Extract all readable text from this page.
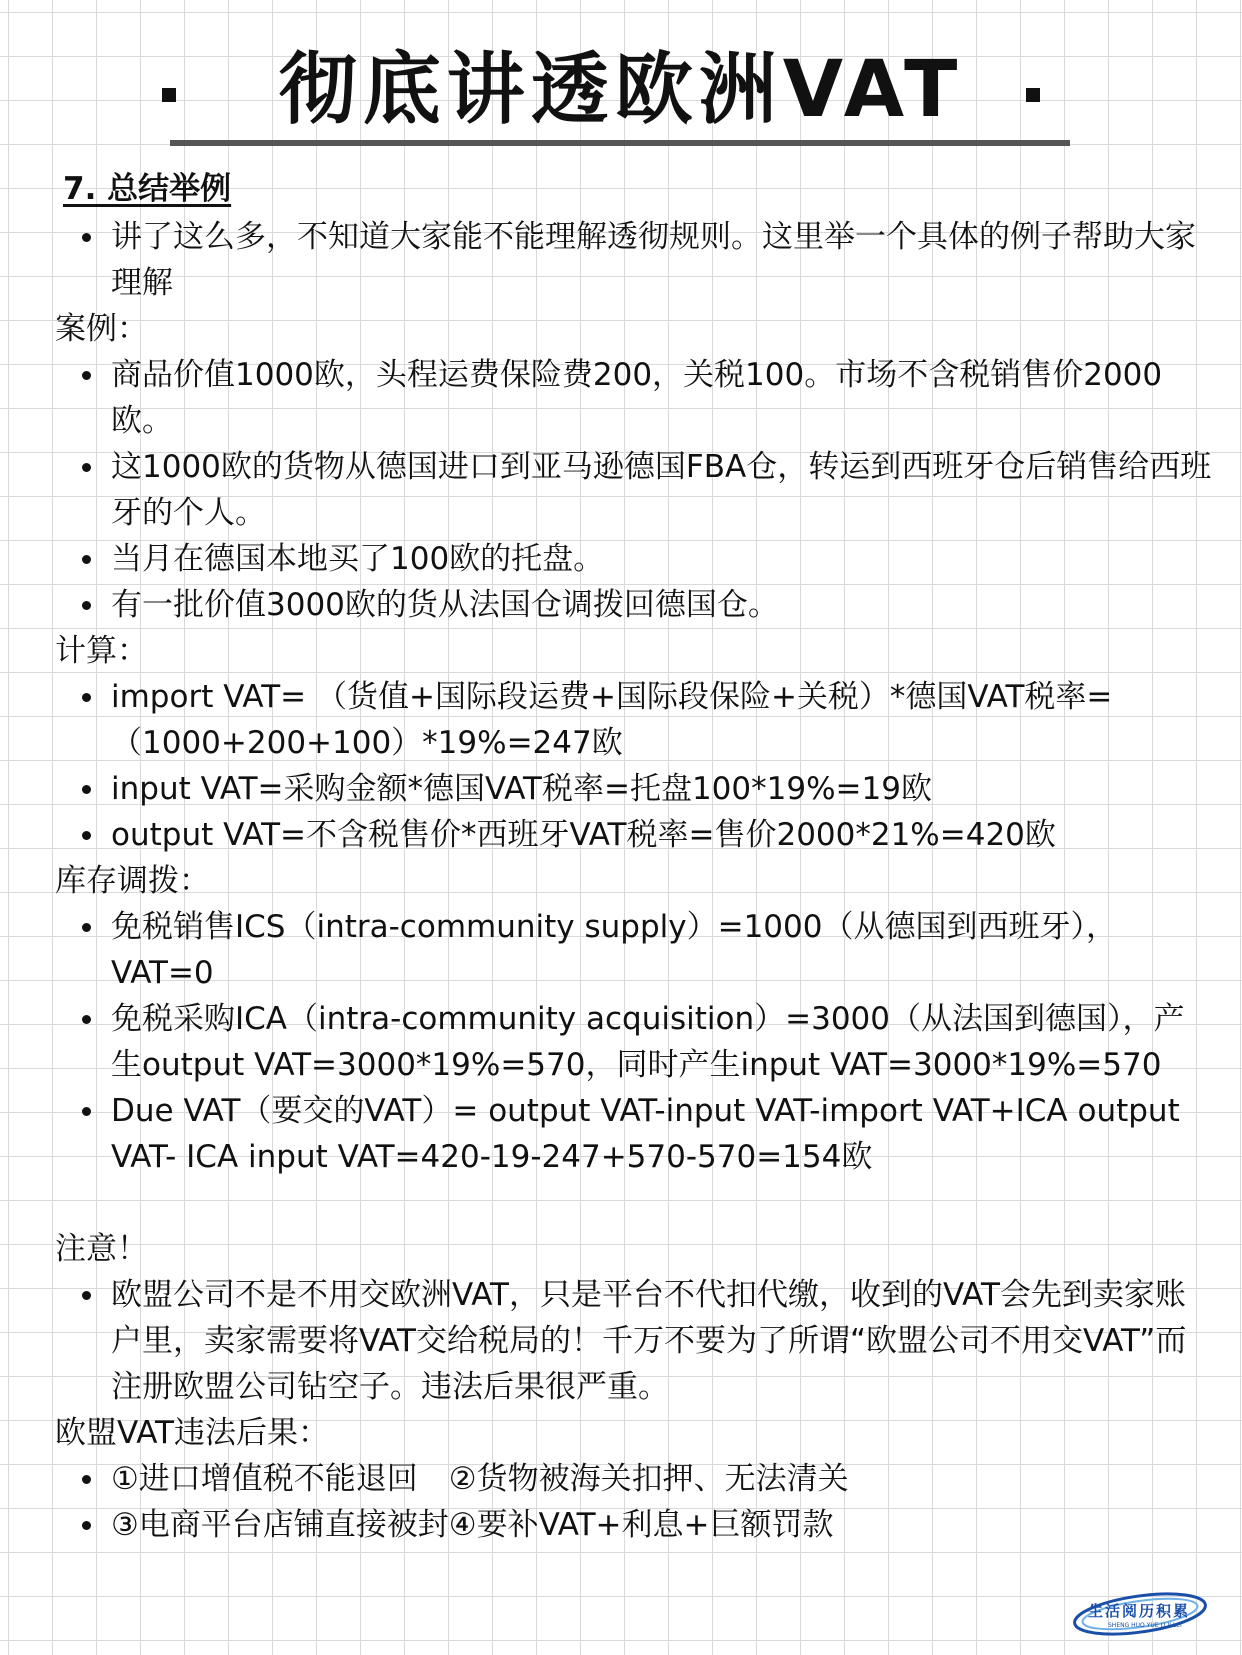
彻底讲透欧洲VAT
7. 总结举例
讲了这么多，不知道大家能不能理解透彻规则。这里举一个具体的例子帮助大家理解
案例：
商品价值1000欧，头程运费保险费200，关税100。市场不含税销售价2000欧。
这1000欧的货物从德国进口到亚马逊德国FBA仓，转运到西班牙仓后销售给西班牙的个人。
当月在德国本地买了100欧的托盘。
有一批价值3000欧的货从法国仓调拨回德国仓。
计算：
import VAT= （货值+国际段运费+国际段保险+关税）*德国VAT税率=（1000+200+100）*19%=247欧
input VAT=采购金额*德国VAT税率=托盘100*19%=19欧
output VAT=不含税售价*西班牙VAT税率=售价2000*21%=420欧
库存调拨：
免税销售ICS（intra-community supply）=1000（从德国到西班牙），VAT=0
免税采购ICA（intra-community acquisition）=3000（从法国到德国），产生output VAT=3000*19%=570，同时产生input VAT=3000*19%=570
Due VAT（要交的VAT）= output VAT-input VAT-import VAT+ICA output VAT- ICA input VAT=420-19-247+570-570=154欧
注意！
欧盟公司不是不用交欧洲VAT，只是平台不代扣代缴，收到的VAT会先到卖家账户里，卖家需要将VAT交给税局的！千万不要为了所谓“欧盟公司不用交VAT”而注册欧盟公司钻空子。违法后果很严重。
欧盟VAT违法后果：
①进口增值税不能退回　②货物被海关扣押、无法清关
③电商平台店铺直接被封④要补VAT+利息+巨额罚款
生活阅历积累
SHENG HUO YUE LI JI LEI
